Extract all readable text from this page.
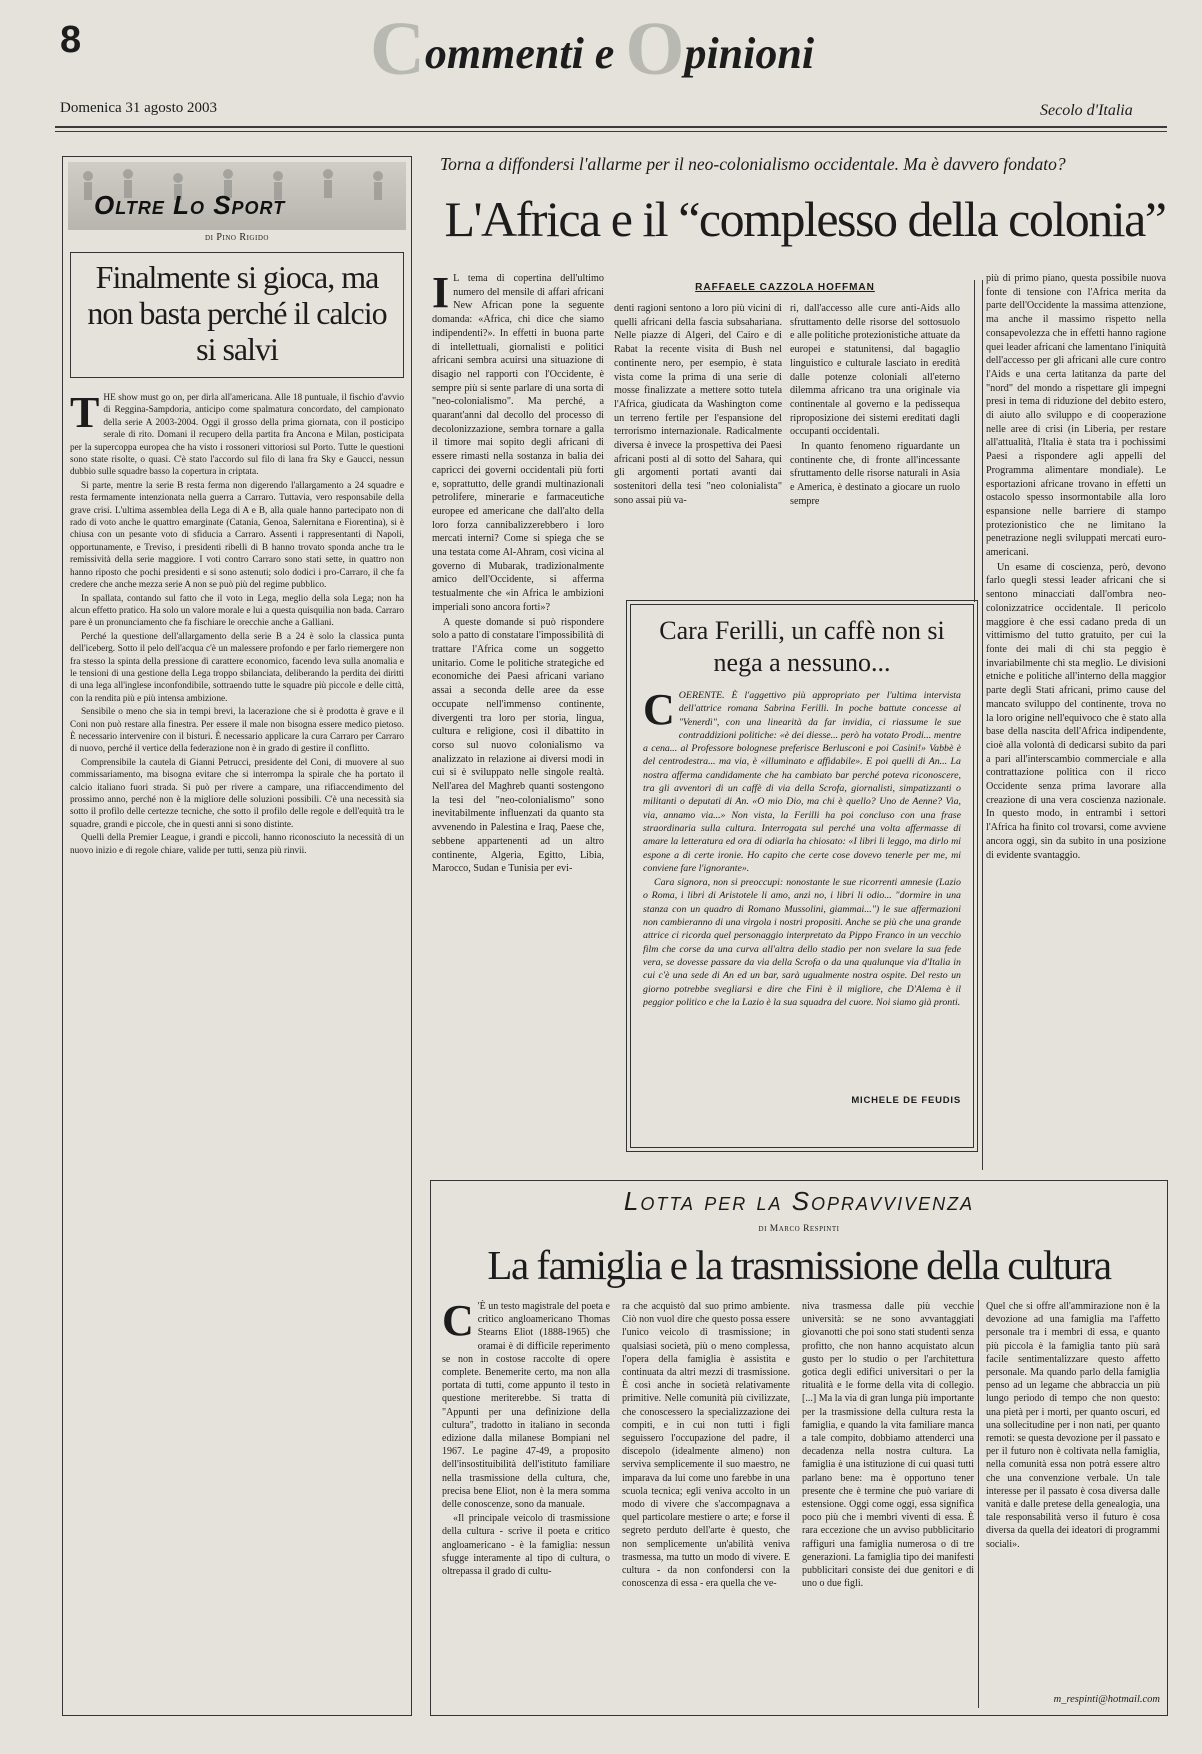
8	Commenti e Opinioni
Domenica 31 agosto 2003	Secolo d'Italia
Oltre Lo Sport
di Pino Rigido
Finalmente si gioca, ma non basta perché il calcio si salvi

THE show must go on, per dirla all'americana. Alle 18 puntuale, il fischio d'avvio di Reggina-Sampdoria, anticipo come spalmatura concordato, del campionato della serie A 2003-2004. Oggi il grosso della prima giornata, con il posticipo serale di rito. Domani il recupero della partita fra Ancona e Milan, posticipata per la supercoppa europea che ha visto i rossoneri vittoriosi sul Porto. Tutte le questioni sono state risolte, o quasi. C'è stato l'accordo sul filo di lana fra Sky e Gaucci, nessun dubbio sulle squadre basso la copertura in criptata.

Si parte, mentre la serie B resta ferma non digerendo l'allargamento a 24 squadre e resta fermamente intenzionata nella guerra a Carraro. Tuttavia, vero responsabile della grave crisi. L'ultima assemblea della Lega di A e B, alla quale hanno partecipato non di rado di voto anche le quattro emarginate (Catania, Genoa, Salernitana e Fiorentina), si è chiusa con un pesante voto di sfiducia a Carraro. Assenti i rappresentanti di Napoli, opportunamente, e Treviso, i presidenti ribelli di B hanno trovato sponda anche tra le remissività della serie maggiore. I voti contro Carraro sono stati sette, in quattro non hanno riposto che pochi presidenti e si sono astenuti; solo dodici i pro-Carraro, il che fa credere che anche mezza serie A non se può più del regime pubblico.

In spallata, contando sul fatto che il voto in Lega, meglio della sola Lega; non ha alcun effetto pratico. Ha solo un valore morale e lui a questa quisquilia non bada. Carraro pare è un pronunciamento che fa fischiare le orecchie anche a Galliani.

Perché la questione dell'allargamento della serie B a 24 è solo la classica punta dell'iceberg. Sotto il pelo dell'acqua c'è un malessere profondo e per farlo riemergere non fra stesso la spinta della pressione di carattere economico, facendo leva sulla anomalia e le tensioni di una gestione della Lega troppo sbilanciata, deliberando la perdita dei diritti di una lega all'inglese inconfondibile, sottraendo tutte le squadre più piccole e delle città, con la rendita più e più intensa ambizione.

Sensibile o meno che sia in tempi brevi, la lacerazione che si è prodotta è grave e il Coni non può restare alla finestra. Per essere il male non bisogna essere medico pietoso. È necessario intervenire con il bisturi. È necessario applicare la cura Carraro per Carraro di nuovo, perché il vertice della federazione non è in grado di gestire il conflitto.

Comprensibile la cautela di Gianni Petrucci, presidente del Coni, di muovere al suo commissariamento, ma bisogna evitare che si interrompa la spirale che ha portato il calcio italiano fuori strada. Si può per rivere a campare, una rifiaccendimento del prossimo anno, perché non è la migliore delle soluzioni possibili. C'è una necessità sia sotto il profilo delle certezze tecniche, che sotto il profilo delle regole e dell'equità tra le squadre, grandi e piccole, che in questi anni si sono distinte.

Quelli della Premier League, i grandi e piccoli, hanno riconosciuto la necessità di un nuovo inizio e di regole chiare, valide per tutti, senza più rinvii.

Torna a diffondersi l'allarme per il neo-colonialismo occidentale. Ma è davvero fondato?
L'Africa e il “complesso della colonia”

I L tema di copertina dell'ultimo numero del mensile di affari africani New African pone la seguente domanda: «Africa, chi dice che siamo indipendenti?». In effetti in buona parte di intellettuali, giornalisti e politici africani sembra acuirsi una situazione di disagio nel rapporti con l'Occidente, è sempre più si sente parlare di una sorta di "neo-colonialismo". Ma perché, a quarant'anni dal decollo del processo di decolonizzazione, sembra tornare a galla il timore mai sopito degli africani di essere rimasti nella sostanza in balia dei capricci dei governi occidentali più forti e, soprattutto, delle grandi multinazionali petrolifere, minerarie e farmaceutiche europee ed americane che dall'alto della loro forza cannibalizzerebbero i loro mercati interni? Come si spiega che se una testata come Al-Ahram, così vicina al governo di Mubarak, tradizionalmente amico dell'Occidente, si afferma testualmente che «in Africa le ambizioni imperiali sono ancora forti»?

A queste domande si può rispondere solo a patto di constatare l'impossibilità di trattare l'Africa come un soggetto unitario. Come le politiche strategiche ed economiche dei Paesi africani variano assai a seconda delle aree da esse occupate nell'immenso continente, divergenti tra loro per storia, lingua, cultura e religione, così il dibattito in corso sul nuovo colonialismo va analizzato in relazione ai diversi modi in cui si è sviluppato nelle singole realtà. Nell'area del Maghreb quanti sostengono la tesi del "neo-colonialismo" sono inevitabilmente influenzati da quanto sta avvenendo in Palestina e Iraq, Paese che, sebbene appartenenti ad un altro continente, Algeria, Egitto, Libia, Marocco, Sudan e Tunisia per evi-

RAFFAELE CAZZOLA HOFFMAN

denti ragioni sentono a loro più vicini di quelli africani della fascia subsahariana. Nelle piazze di Algeri, del Cairo e di Rabat la recente visita di Bush nel continente nero, per esempio, è stata vista come la prima di una serie di mosse finalizzate a mettere sotto tutela l'Africa, giudicata da Washington come un terreno fertile per l'espansione del terrorismo internazionale. Radicalmente diversa è invece la prospettiva dei Paesi africani posti al di sotto del Sahara, qui gli argomenti portati avanti dai sostenitori della tesi "neo colonialista" sono assai più va-

ri, dall'accesso alle cure anti-Aids allo sfruttamento delle risorse del sottosuolo e alle politiche protezionistiche attuate da europei e statunitensi, dal bagaglio linguistico e culturale lasciato in eredità dalle potenze coloniali all'eterno dilemma africano tra una originale via continentale al governo e la pedissequa riproposizione dei sistemi ereditati dagli occupanti occidentali.

In quanto fenomeno riguardante un continente che, di fronte all'incessante sfruttamento delle risorse naturali in Asia e America, è destinato a giocare un ruolo sempre

più di primo piano, questa possibile nuova fonte di tensione con l'Africa merita da parte dell'Occidente la massima attenzione, ma anche il massimo rispetto nella consapevolezza che in effetti hanno ragione quei leader africani che lamentano l'iniquità dell'accesso per gli africani alle cure contro l'Aids e una certa latitanza da parte del "nord" del mondo a rispettare gli impegni presi in tema di riduzione del debito estero, di aiuto allo sviluppo e di cooperazione nelle aree di crisi (in Liberia, per restare all'attualità, l'Italia è stata tra i pochissimi Paesi a rispondere agli appelli del Programma alimentare mondiale). Le esportazioni africane trovano in effetti un ostacolo spesso insormontabile alla loro espansione nelle barriere di stampo protezionistico che ne limitano la penetrazione negli sviluppati mercati euro-americani.

Un esame di coscienza, però, devono farlo quegli stessi leader africani che si sentono minacciati dall'ombra neo-colonizzatrice occidentale. Il pericolo maggiore è che essi cadano preda di un vittimismo del tutto gratuito, per cui la fonte dei mali di chi sta peggio è invariabilmente chi sta meglio. Le divisioni etniche e politiche all'interno della maggior parte degli Stati africani, primo cause del mancato sviluppo del continente, trova no la loro origine nell'equivoco che è stato alla base della nascita dell'Africa indipendente, cioè alla volontà di dedicarsi subito da pari a pari all'interscambio commerciale e alla contrattazione politica con il ricco Occidente senza prima lavorare alla creazione di una vera coscienza nazionale. In questo modo, in entrambi i settori l'Africa ha finito col trovarsi, come avviene ancora oggi, sin da subito in una posizione di evidente svantaggio.

Cara Ferilli, un caffè non si nega a nessuno...

COERENTE. È l'aggettivo più appropriato per l'ultima intervista dell'attrice romana Sabrina Ferilli. In poche battute concesse al "Venerdì", con una linearità da far invidia, ci riassume le sue contraddizioni politiche: «è dei diesse... però ha votato Prodi... mentre a cena... al Professore bolognese preferisce Berlusconi e poi Casini!» Vabbè è del centrodestra... ma via, è «illuminato e affidabile». E poi quelli di An... La nostra afferma candidamente che ha cambiato bar perché poteva riconoscere, tra gli avventori di un caffè di via della Scrofa, giornalisti, simpatizzanti o militanti o deputati di An. «O mio Dio, ma chi è quello? Uno de Aenne? Via, via, annamo via...» Non vista, la Ferilli ha poi concluso con una frase straordinaria sulla cultura. Interrogata sul perché una volta affermasse di amare la letteratura ed ora di odiarla ha chiosato: «I libri li leggo, ma dirlo mi espone a di certe ironie. Ho capito che certe cose dovevo tenerle per me, mi conviene fare l'ignorante».

Cara signora, non si preoccupi: nonostante le sue ricorrenti amnesie (Lazio o Roma, i libri di Aristotele li amo, anzi no, i libri li odio... "dormire in una stanza con un quadro di Romano Mussolini, giammai...") le sue affermazioni non cambieranno di una virgola i nostri propositi. Anche se più che una grande attrice ci ricorda quel personaggio interpretato da Pippo Franco in un vecchio film che corse da una curva all'altra dello stadio per non svelare la sua fede vera, se dovesse passare da via della Scrofa o da una qualunque via d'Italia in cui c'è una sede di An ed un bar, sarà ugualmente nostra ospite. Del resto un giorno potrebbe svegliarsi e dire che Fini è il migliore, che D'Alema è il peggior politico e che la Lazio è la sua squadra del cuore. Noi siamo già pronti.

MICHELE DE FEUDIS
Lotta per la Sopravvivenza
di Marco Respinti
La famiglia e la trasmissione della cultura

C 'È un testo magistrale del poeta e critico angloamericano Thomas Stearns Eliot (1888-1965) che oramai è di difficile reperimento se non in costose raccolte di opere complete. Benemerite certo, ma non alla portata di tutti, come appunto il testo in questione meriterebbe. Si tratta di "Appunti per una definizione della cultura", tradotto in italiano in seconda edizione dalla milanese Bompiani nel 1967. Le pagine 47-49, a proposito dell'insostituibilità dell'istituto familiare nella trasmissione della cultura, che, precisa bene Eliot, non è la mera somma delle conoscenze, sono da manuale.

«Il principale veicolo di trasmissione della cultura - scrive il poeta e critico angloamericano - è la famiglia: nessun sfugge interamente al tipo di cultura, o oltrepassa il grado di cultu-

ra che acquistò dal suo primo ambiente. Ciò non vuol dire che questo possa essere l'unico veicolo di trasmissione; in qualsiasi società, più o meno complessa, l'opera della famiglia è assistita e continuata da altri mezzi di trasmissione. È così anche in società relativamente primitive. Nelle comunità più civilizzate, che conoscessero la specializzazione dei compiti, e in cui non tutti i figli seguissero l'occupazione del padre, il discepolo (idealmente almeno) non serviva semplicemente il suo maestro, ne imparava da lui come uno farebbe in una scuola tecnica; egli veniva accolto in un modo di vivere che s'accompagnava a quel particolare mestiere o arte; e forse il segreto perduto dell'arte è questo, che non semplicemente un'abilità veniva trasmessa, ma tutto un modo di vivere. E cultura - da non confondersi con la conoscenza di essa - era quella che ve-

niva trasmessa dalle più vecchie università: se ne sono avvantaggiati giovanotti che poi sono stati studenti senza profitto, che non hanno acquistato alcun gusto per lo studio o per l'architettura gotica degli edifici universitari o per la ritualità e le forme della vita di collegio. [...] Ma la via di gran lunga più importante per la trasmissione della cultura resta la famiglia, e quando la vita familiare manca a tale compito, dobbiamo attenderci una decadenza nella nostra cultura. La famiglia è una istituzione di cui quasi tutti parlano bene: ma è opportuno tener presente che è termine che può variare di estensione. Oggi come oggi, essa significa poco più che i membri viventi di essa. È rara eccezione che un avviso pubblicitario raffiguri una famiglia numerosa o di tre generazioni. La famiglia tipo dei manifesti pubblicitari consiste dei due genitori e di uno o due figli.

Quel che si offre all'ammirazione non è la devozione ad una famiglia ma l'affetto personale tra i membri di essa, e quanto più piccola è la famiglia tanto più sarà facile sentimentalizzare questo affetto personale. Ma quando parlo della famiglia penso ad un legame che abbraccia un più lungo periodo di tempo che non questo: una pietà per i morti, per quanto oscuri, ed una sollecitudine per i non nati, per quanto remoti: se questa devozione per il passato e per il futuro non è coltivata nella famiglia, nella comunità essa non potrà essere altro che una convenzione verbale. Un tale interesse per il passato è cosa diversa dalle vanità e dalle pretese della genealogia, una tale responsabilità verso il futuro è cosa diversa da quella dei ideatori di programmi sociali».

m_respinti@hotmail.com
